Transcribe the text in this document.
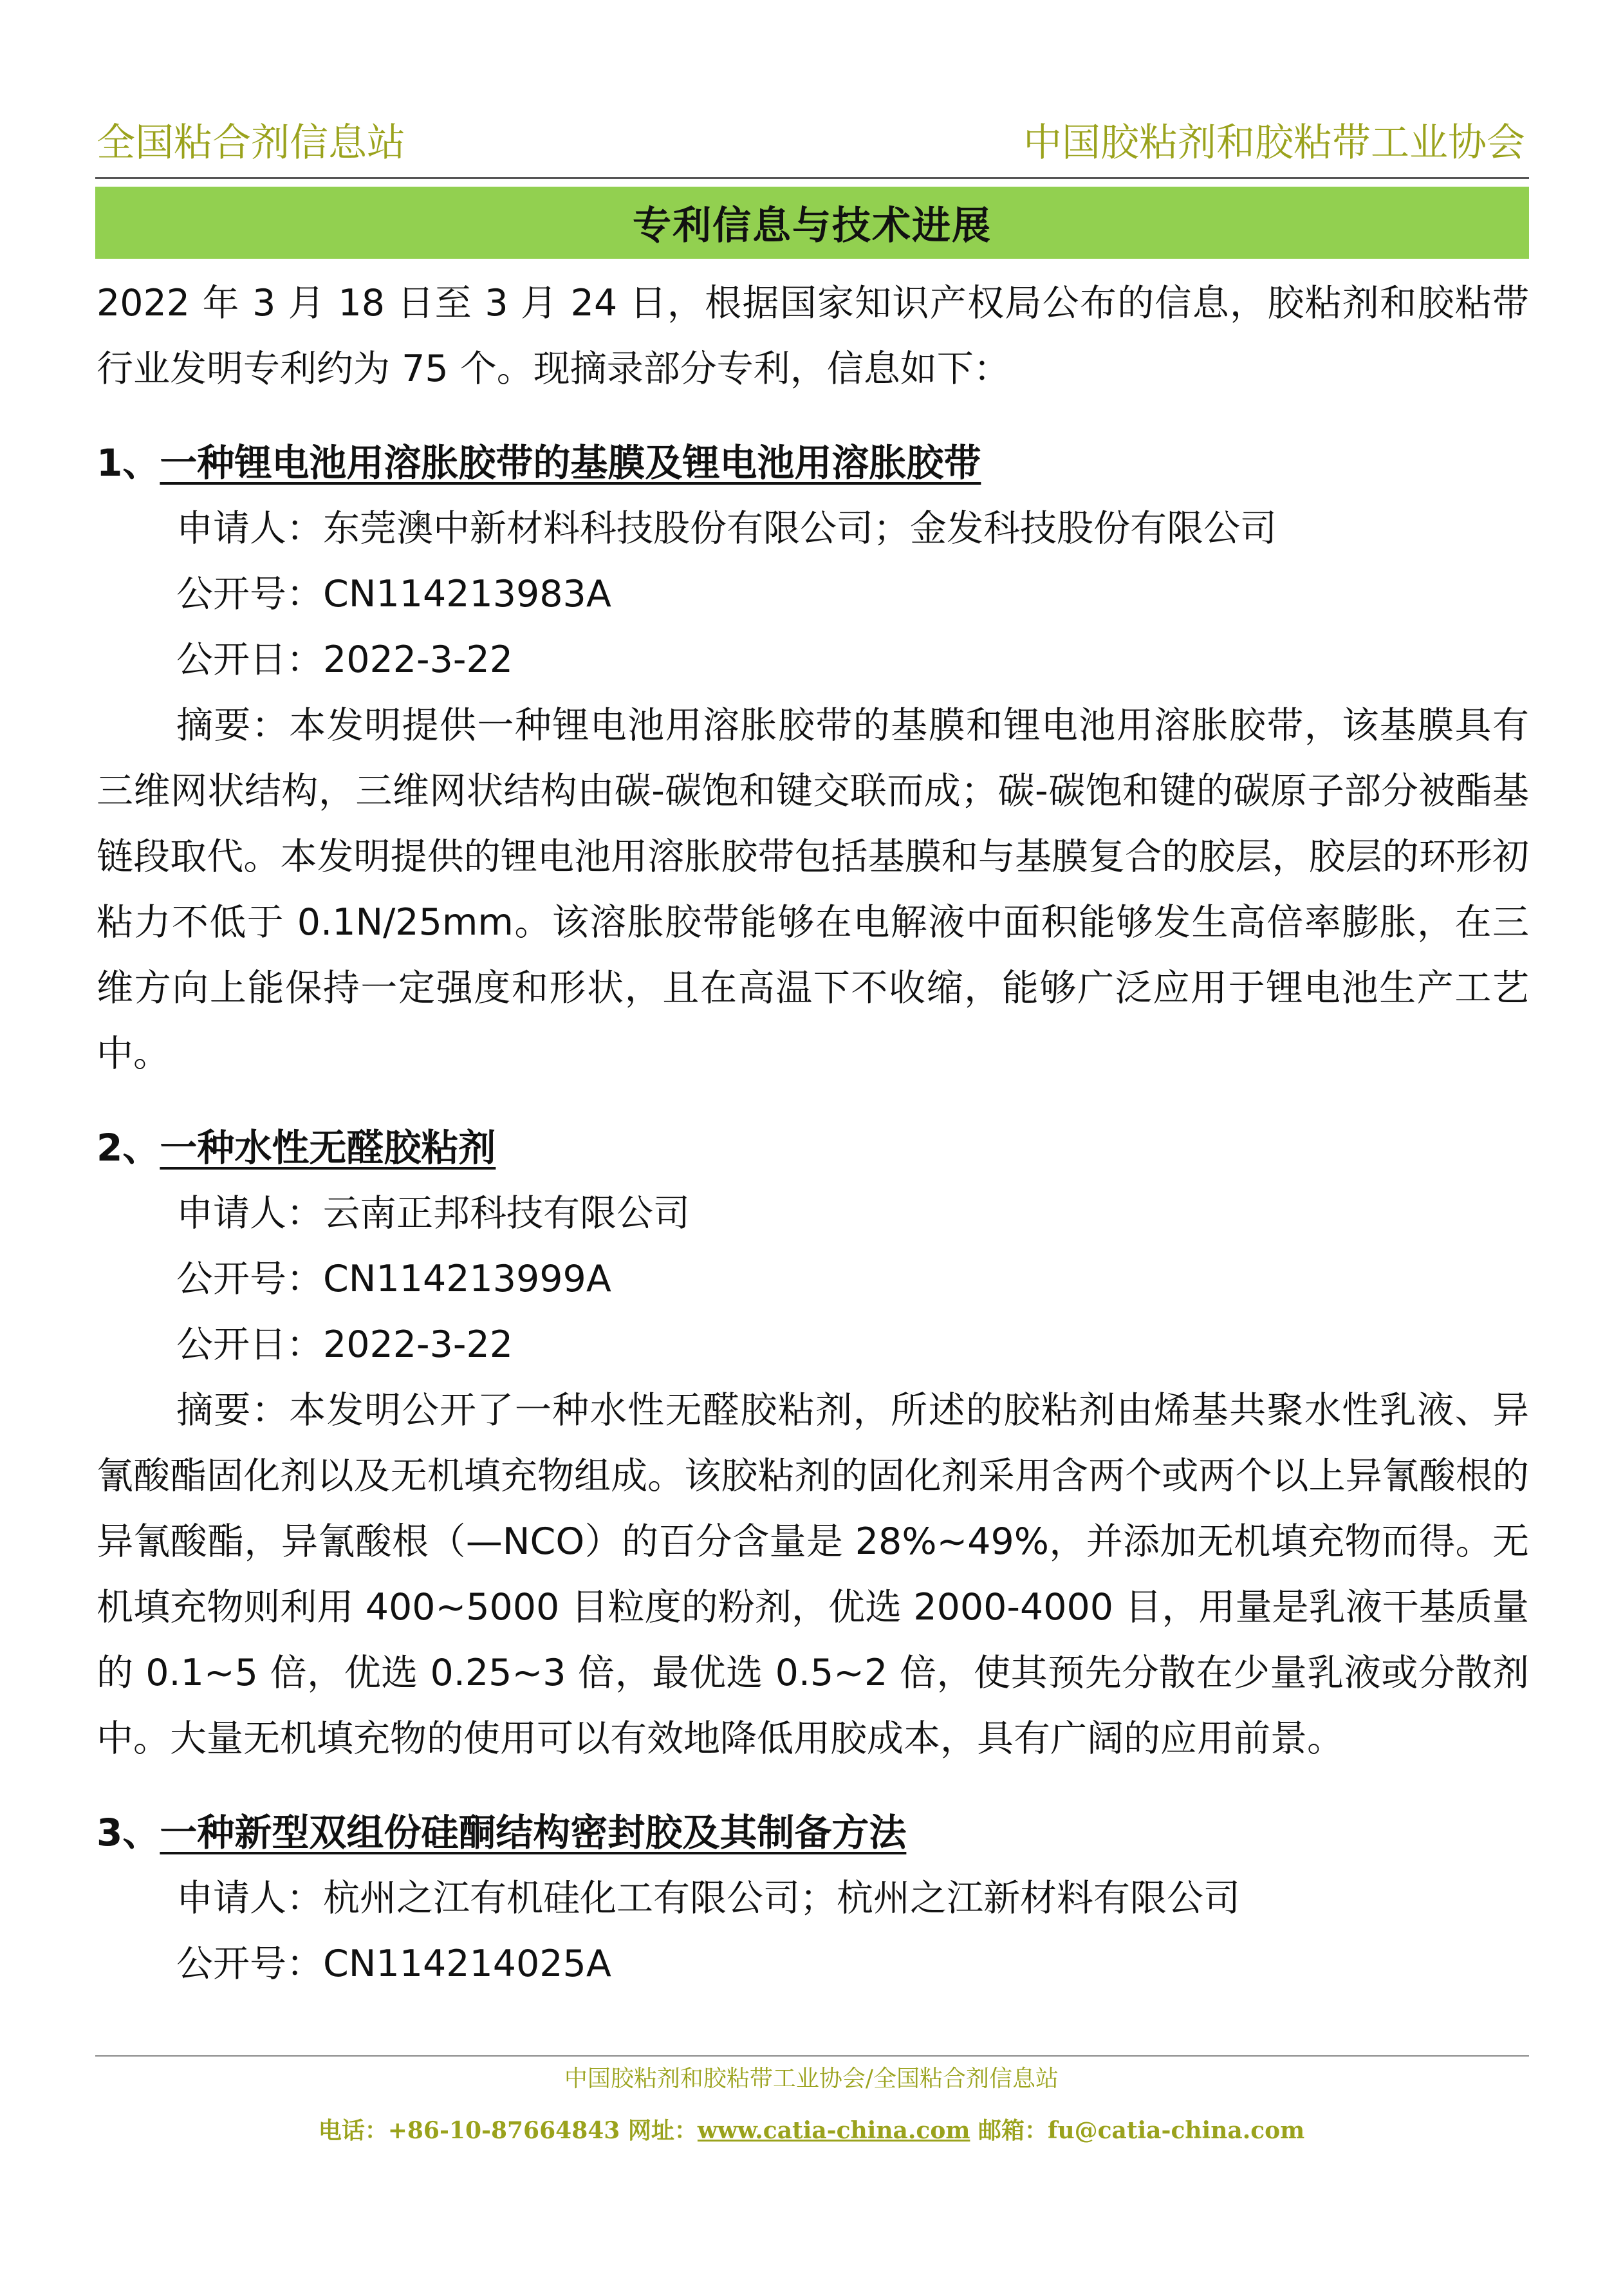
全国粘合剂信息站	中国胶粘剂和胶粘带工业协会
专利信息与技术进展

2022 年 3 月 18 日至 3 月 24 日，根据国家知识产权局公布的信息，胶粘剂和胶粘带行业发明专利约为 75 个。现摘录部分专利，信息如下：

1、一种锂电池用溶胀胶带的基膜及锂电池用溶胀胶带

申请人：东莞澳中新材料科技股份有限公司；金发科技股份有限公司

公开号：CN114213983A

公开日：2022-3-22

摘要：本发明提供一种锂电池用溶胀胶带的基膜和锂电池用溶胀胶带，该基膜具有三维网状结构，三维网状结构由碳-碳饱和键交联而成；碳-碳饱和键的碳原子部分被酯基链段取代。本发明提供的锂电池用溶胀胶带包括基膜和与基膜复合的胶层，胶层的环形初粘力不低于 0.1N/25mm。该溶胀胶带能够在电解液中面积能够发生高倍率膨胀，在三维方向上能保持一定强度和形状，且在高温下不收缩，能够广泛应用于锂电池生产工艺中。

2、一种水性无醛胶粘剂

申请人：云南正邦科技有限公司

公开号：CN114213999A

公开日：2022-3-22

摘要：本发明公开了一种水性无醛胶粘剂，所述的胶粘剂由烯基共聚水性乳液、异氰酸酯固化剂以及无机填充物组成。该胶粘剂的固化剂采用含两个或两个以上异氰酸根的异氰酸酯，异氰酸根（—NCO）的百分含量是 28%~49%，并添加无机填充物而得。无机填充物则利用 400~5000 目粒度的粉剂，优选 2000-4000 目，用量是乳液干基质量的 0.1~5 倍，优选 0.25~3 倍，最优选 0.5~2 倍，使其预先分散在少量乳液或分散剂中。大量无机填充物的使用可以有效地降低用胶成本，具有广阔的应用前景。

3、一种新型双组份硅酮结构密封胶及其制备方法

申请人：杭州之江有机硅化工有限公司；杭州之江新材料有限公司

公开号：CN114214025A

中国胶粘剂和胶粘带工业协会/全国粘合剂信息站
电话：+86-10-87664843 网址：www.catia-china.com 邮箱：fu@catia-china.com
